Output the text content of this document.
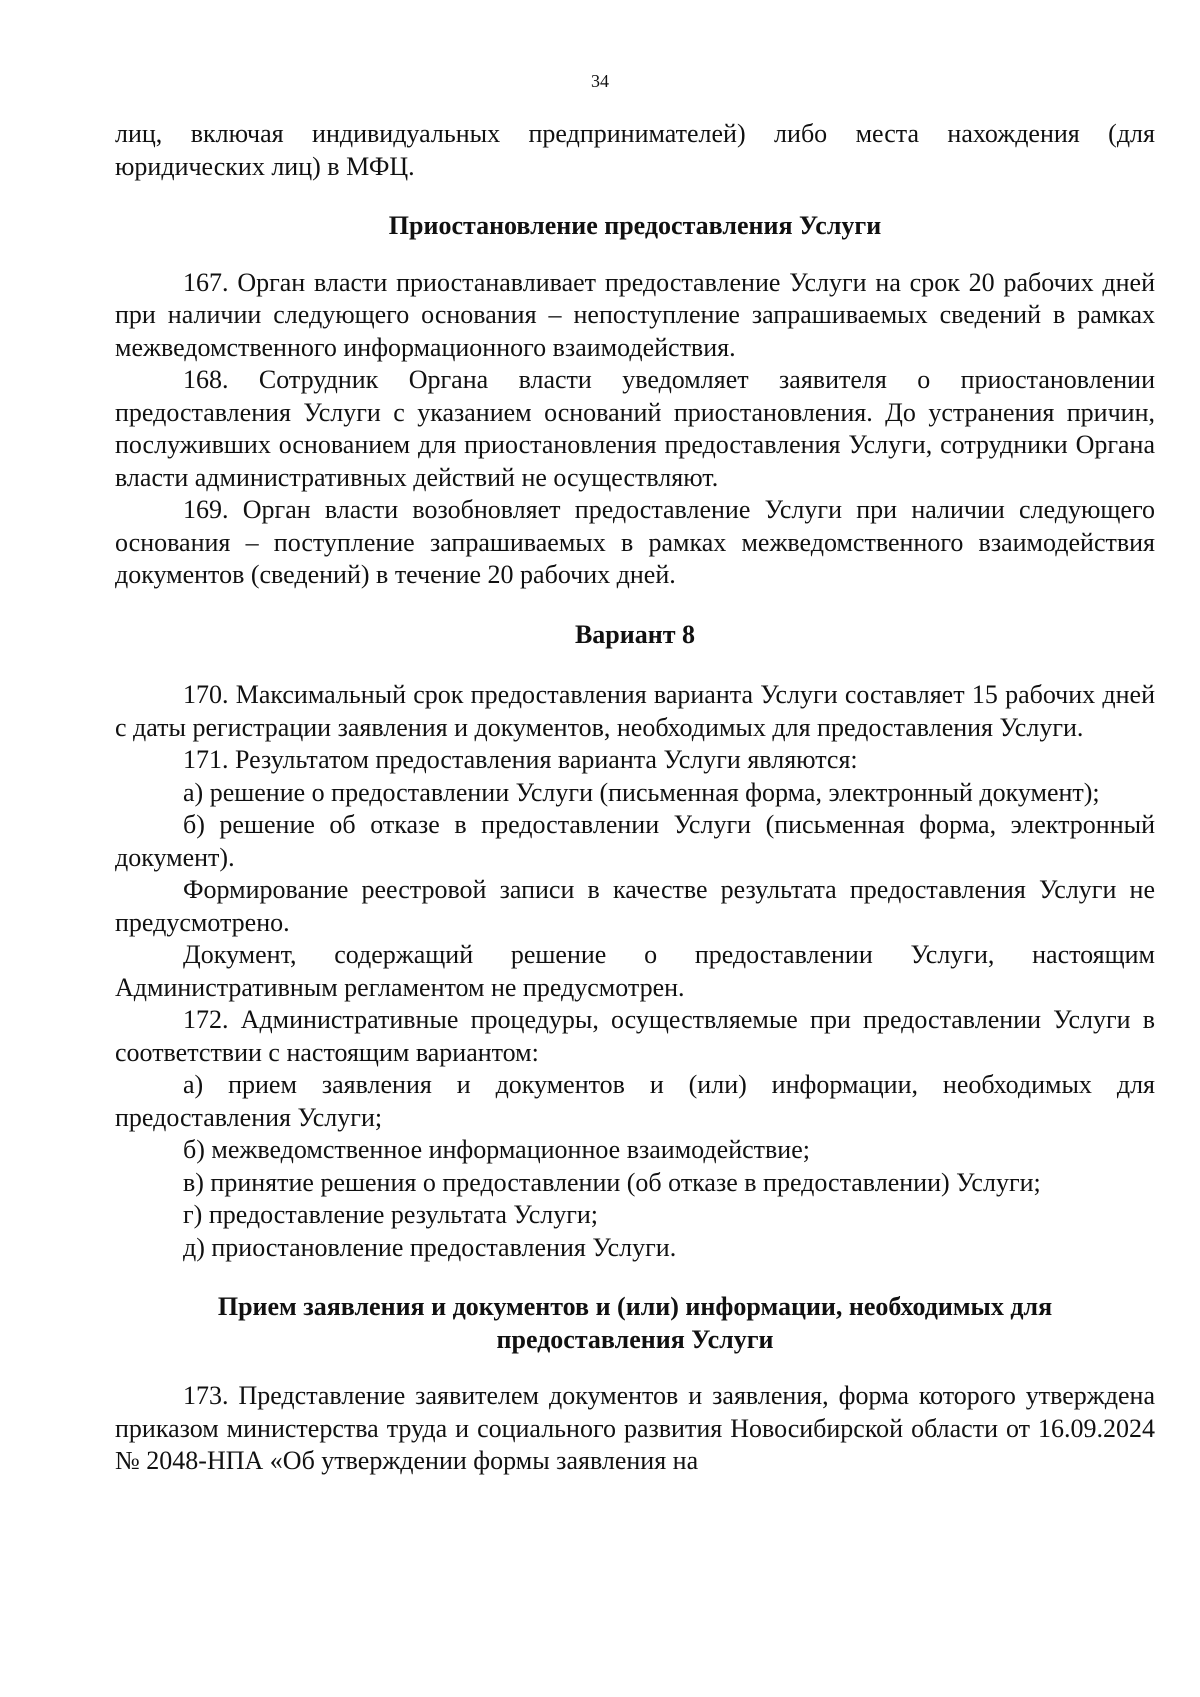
34

лиц, включая индивидуальных предпринимателей) либо места нахождения (для юридических лиц) в МФЦ.

Приостановление предоставления Услуги

167. Орган власти приостанавливает предоставление Услуги на срок 20 рабочих дней при наличии следующего основания – непоступление запрашиваемых сведений в рамках межведомственного информационного взаимодействия.

168. Сотрудник Органа власти уведомляет заявителя о приостановлении предоставления Услуги с указанием оснований приостановления. До устранения причин, послуживших основанием для приостановления предоставления Услуги, сотрудники Органа власти административных действий не осуществляют.

169. Орган власти возобновляет предоставление Услуги при наличии следующего основания – поступление запрашиваемых в рамках межведомственного взаимодействия документов (сведений) в течение 20 рабочих дней.

Вариант 8

170. Максимальный срок предоставления варианта Услуги составляет 15 рабочих дней с даты регистрации заявления и документов, необходимых для предоставления Услуги.

171. Результатом предоставления варианта Услуги являются:

а) решение о предоставлении Услуги (письменная форма, электронный документ);

б) решение об отказе в предоставлении Услуги (письменная форма, электронный документ).

Формирование реестровой записи в качестве результата предоставления Услуги не предусмотрено.

Документ, содержащий решение о предоставлении Услуги, настоящим Административным регламентом не предусмотрен.

172. Административные процедуры, осуществляемые при предоставлении Услуги в соответствии с настоящим вариантом:

а) прием заявления и документов и (или) информации, необходимых для предоставления Услуги;

б) межведомственное информационное взаимодействие;

в) принятие решения о предоставлении (об отказе в предоставлении) Услуги;

г) предоставление результата Услуги;

д) приостановление предоставления Услуги.

Прием заявления и документов и (или) информации, необходимых для

предоставления Услуги

173. Представление заявителем документов и заявления, форма которого утверждена приказом министерства труда и социального развития Новосибирской области от 16.09.2024 № 2048-НПА «Об утверждении формы заявления на
